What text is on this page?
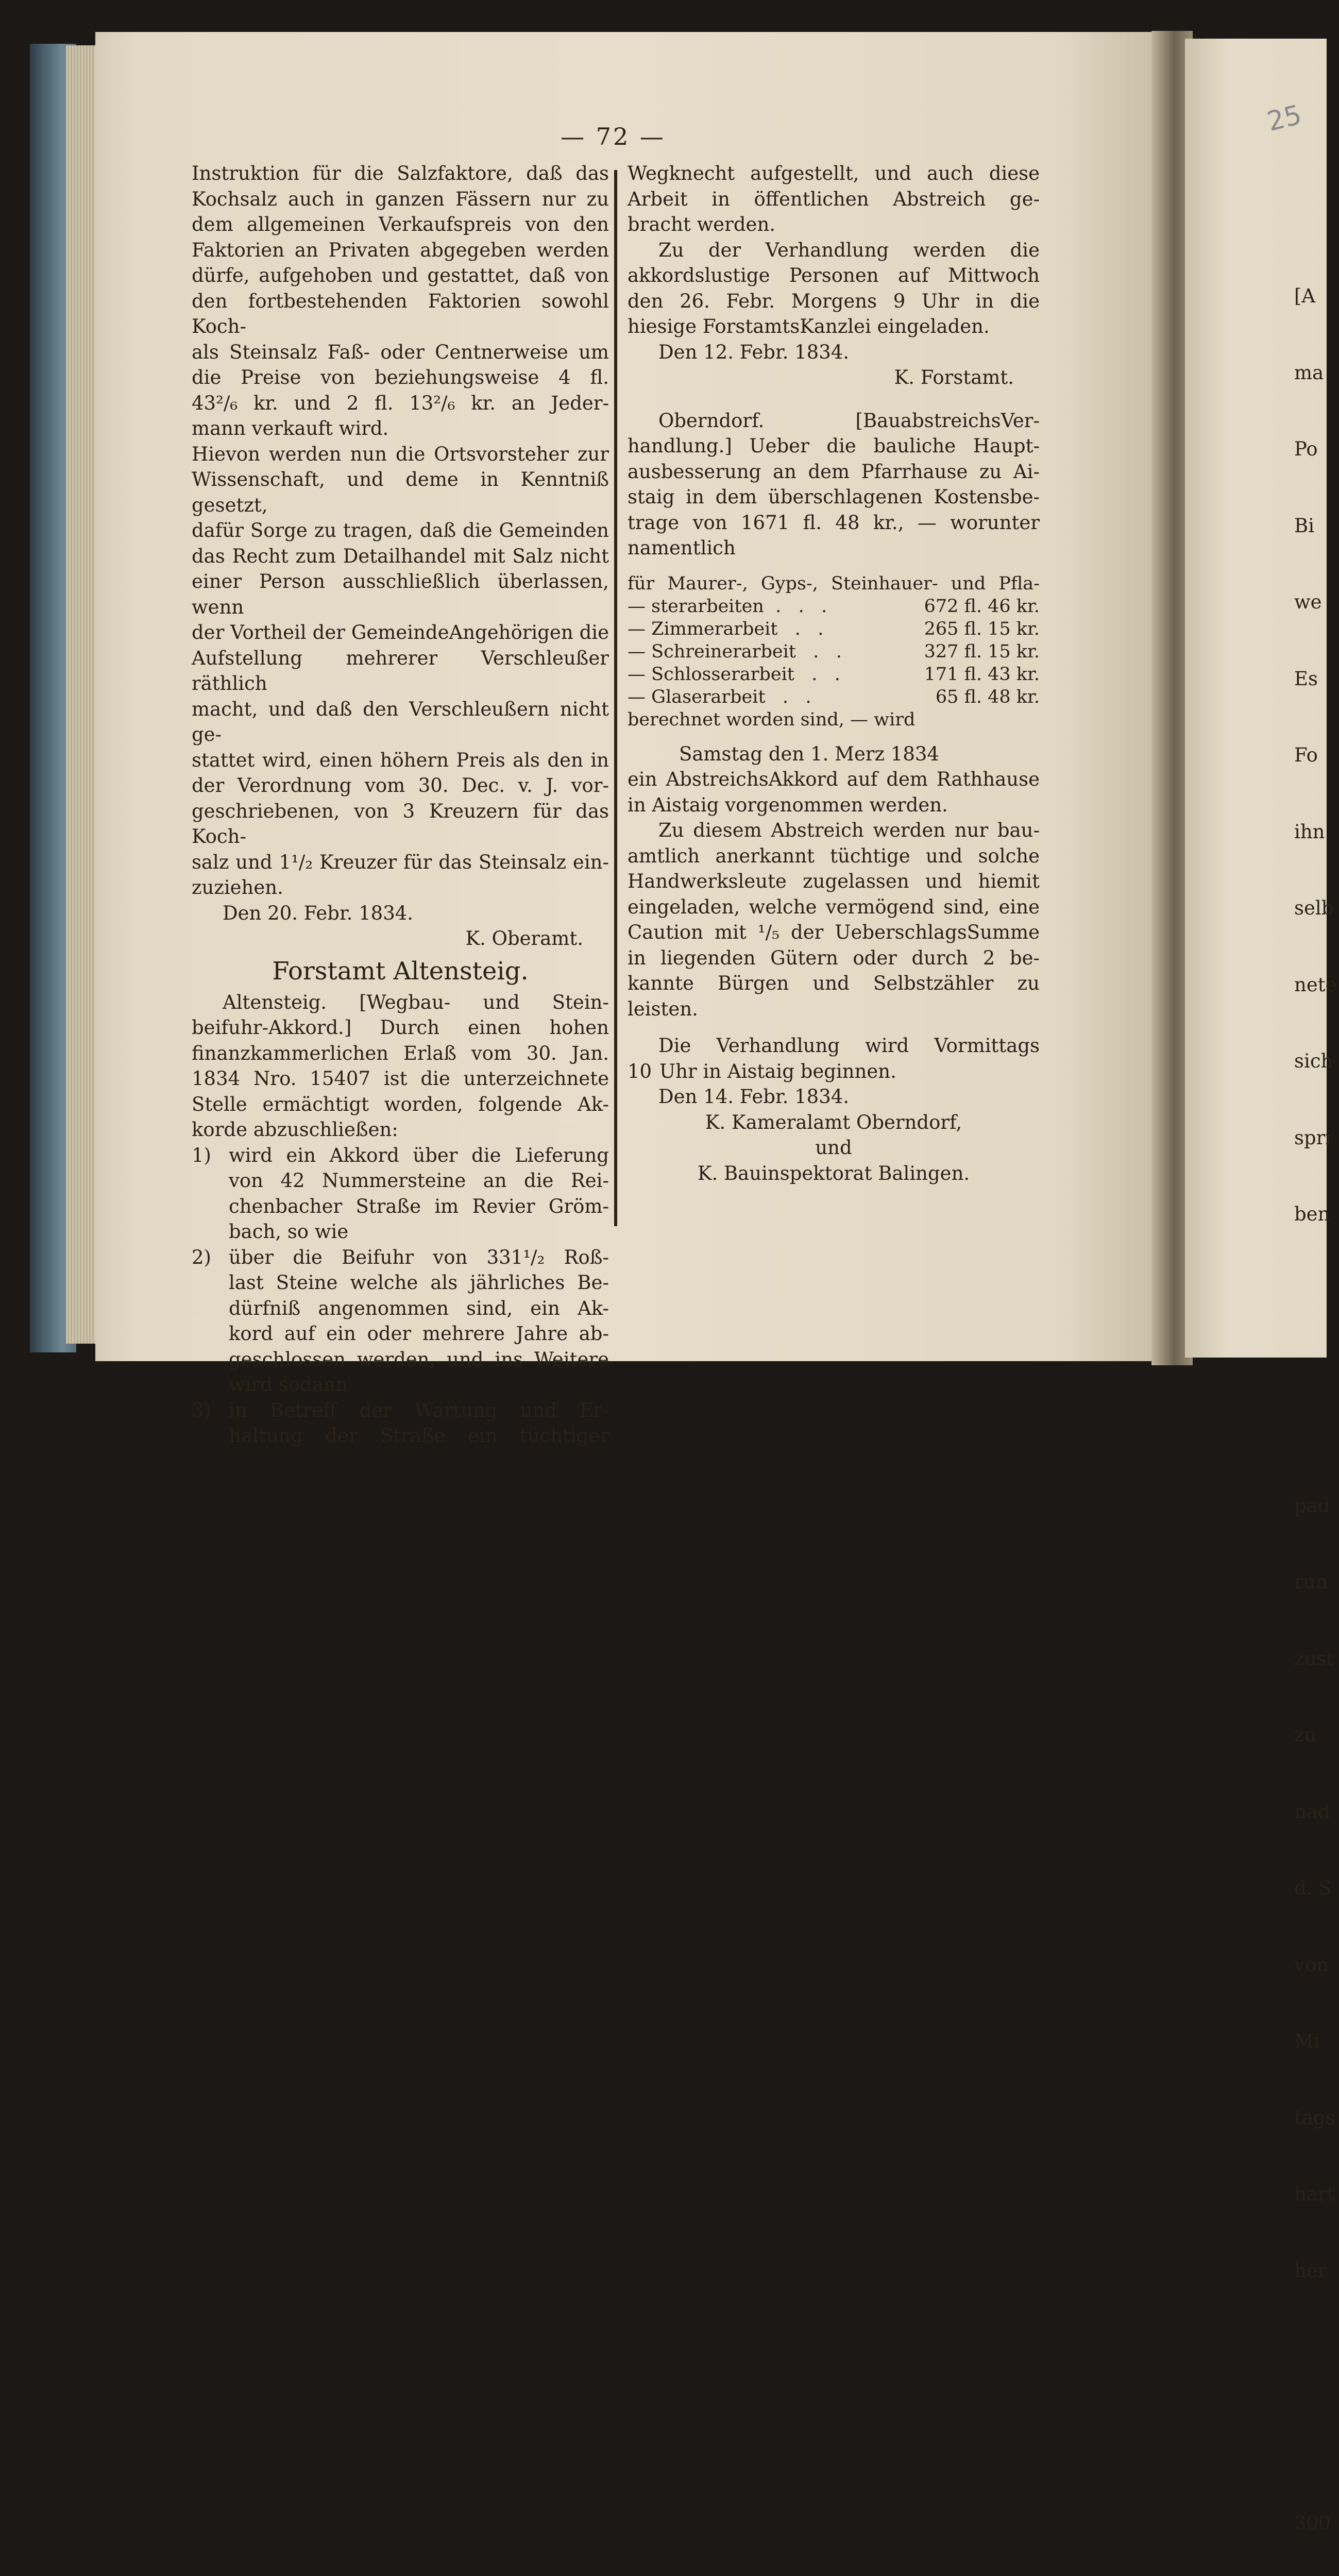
25
— 72 —
Instruktion für die Salzfaktore, daß das
Kochsalz auch in ganzen Fässern nur zu
dem allgemeinen Verkaufspreis von den
Faktorien an Privaten abgegeben werden
dürfe, aufgehoben und gestattet, daß von
den fortbestehenden Faktorien sowohl Koch-
als Steinsalz Faß- oder Centnerweise um
die Preise von beziehungsweise 4 fl.
43²/₆ kr. und 2 fl. 13²/₆ kr. an Jeder-
mann verkauft wird.
Hievon werden nun die Ortsvorsteher zur
Wissenschaft, und deme in Kenntniß gesetzt,
dafür Sorge zu tragen, daß die Gemeinden
das Recht zum Detailhandel mit Salz nicht
einer Person ausschließlich überlassen, wenn
der Vortheil der GemeindeAngehörigen die
Aufstellung mehrerer Verschleußer räthlich
macht, und daß den Verschleußern nicht ge-
stattet wird, einen höhern Preis als den in
der Verordnung vom 30. Dec. v. J. vor-
geschriebenen, von 3 Kreuzern für das Koch-
salz und 1¹/₂ Kreuzer für das Steinsalz ein-
zuziehen.
Den 20. Febr. 1834.
K. Oberamt.
Forstamt Altensteig.
Altensteig. [Wegbau- und Stein-
beifuhr-Akkord.] Durch einen hohen
finanzkammerlichen Erlaß vom 30. Jan.
1834 Nro. 15407 ist die unterzeichnete
Stelle ermächtigt worden, folgende Ak-
korde abzuschließen:
1) wird ein Akkord über die Lieferung
von 42 Nummersteine an die Rei-
chenbacher Straße im Revier Gröm-
bach, so wie
2) über die Beifuhr von 331¹/₂ Roß-
last Steine welche als jährliches Be-
dürfniß angenommen sind, ein Ak-
kord auf ein oder mehrere Jahre ab-
geschlossen werden, und ins Weitere
wird sodann
3) in Betreff der Wartung und Er-
haltung der Straße ein tüchtiger
Wegknecht aufgestellt, und auch diese
Arbeit in öffentlichen Abstreich ge-
bracht werden.
Zu der Verhandlung werden die
akkordslustige Personen auf Mittwoch
den 26. Febr. Morgens 9 Uhr in die
hiesige ForstamtsKanzlei eingeladen.
Den 12. Febr. 1834.
K. Forstamt.
Oberndorf. [BauabstreichsVer-
handlung.] Ueber die bauliche Haupt-
ausbesserung an dem Pfarrhause zu Ai-
staig in dem überschlagenen Kostensbe-
trage von 1671 fl. 48 kr., — worunter
namentlich
für Maurer-, Gyps-, Steinhauer- und Pfla-
— sterarbeiten  .   .   .	672 fl. 46 kr.
— Zimmerarbeit   .   .	265 fl. 15 kr.
— Schreinerarbeit   .   .	327 fl. 15 kr.
— Schlosserarbeit   .   .	171 fl. 43 kr.
— Glaserarbeit   .   .	65 fl. 48 kr.
berechnet worden sind, — wird
Samstag den 1. Merz 1834
ein AbstreichsAkkord auf dem Rathhause
in Aistaig vorgenommen werden.
Zu diesem Abstreich werden nur bau-
amtlich anerkannt tüchtige und solche
Handwerksleute zugelassen und hiemit
eingeladen, welche vermögend sind, eine
Caution mit ¹/₅ der UeberschlagsSumme
in liegenden Gütern oder durch 2 be-
kannte Bürgen und Selbstzähler zu
leisten.
Die Verhandlung wird Vormittags
10 Uhr in Aistaig beginnen.
Den 14. Febr. 1834.
K. Kameralamt Oberndorf,
und
K. Bauinspektorat Balingen.

[A

ma

Po

Bi

we

Es

Fo

ihn

selb

nete

sich

spri

ben

pad

run

zust

zu

nad

d. S

von

Mi

tags

hart

her

300
